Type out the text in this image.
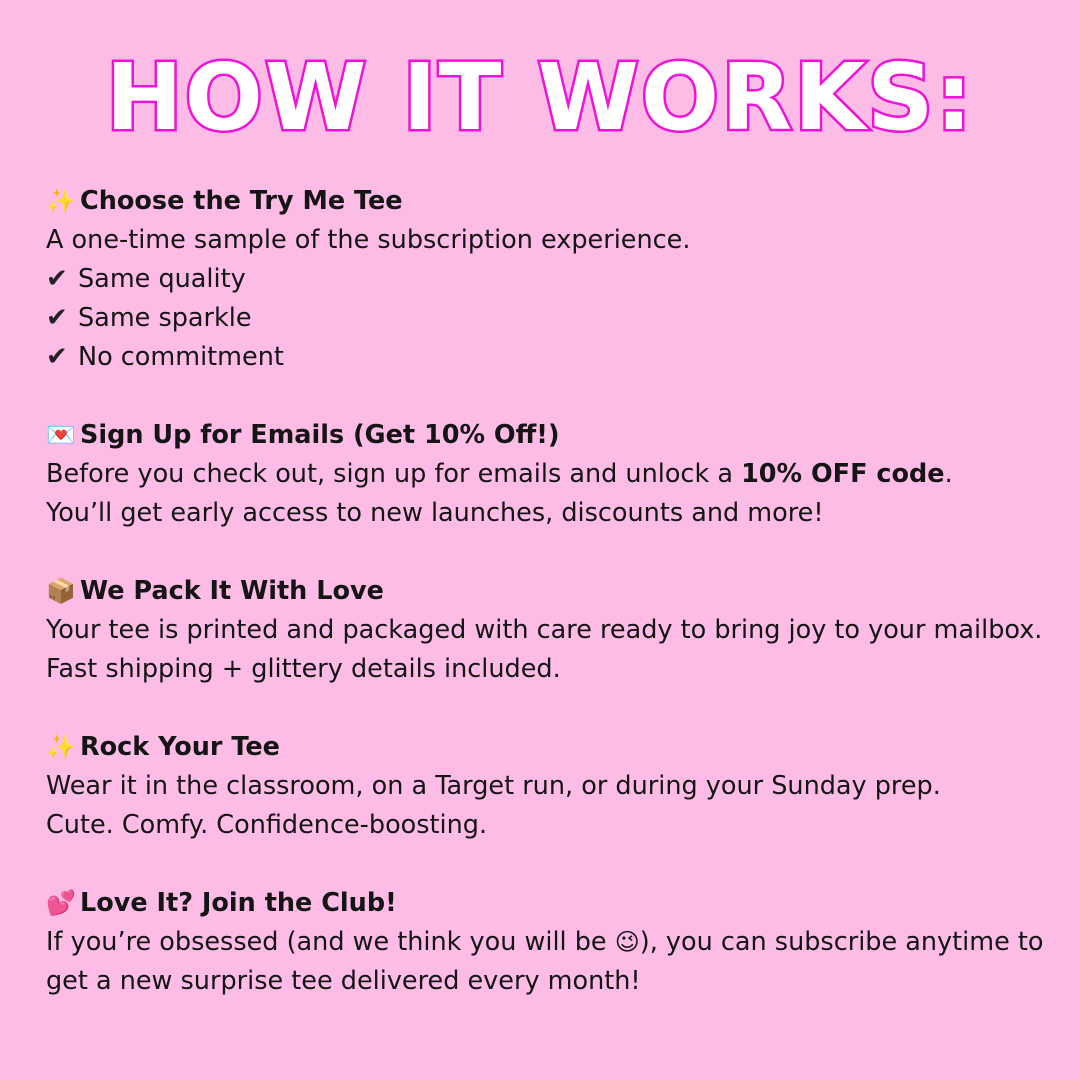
HOW IT WORKS:
✨ Choose the Try Me Tee
A one-time sample of the subscription experience.
✔ Same quality
✔ Same sparkle
✔ No commitment
💌 Sign Up for Emails (Get 10% Off!)
Before you check out, sign up for emails and unlock a 10% OFF code.
You’ll get early access to new launches, discounts and more!
📦 We Pack It With Love
Your tee is printed and packaged with care ready to bring joy to your mailbox.
Fast shipping + glittery details included.
✨ Rock Your Tee
Wear it in the classroom, on a Target run, or during your Sunday prep.
Cute. Comfy. Confidence-boosting.
💕 Love It? Join the Club!
If you’re obsessed (and we think you will be 😉), you can subscribe anytime to get a new surprise tee delivered every month!
